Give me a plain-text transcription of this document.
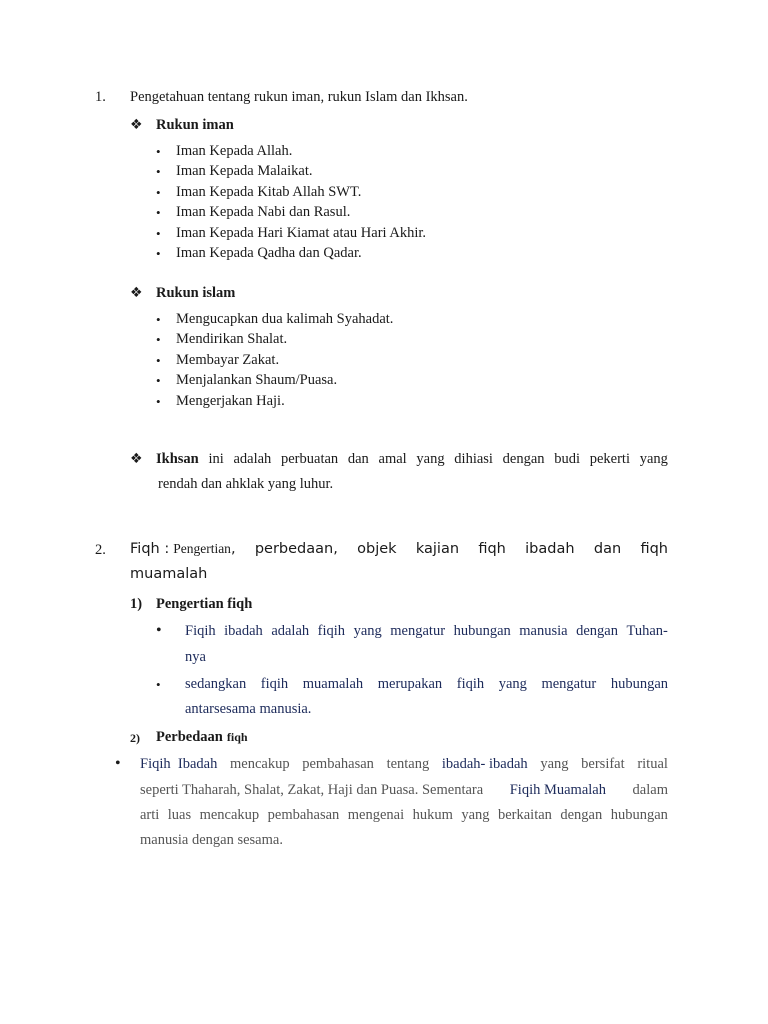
1. Pengetahuan tentang rukun iman, rukun Islam dan Ikhsan.
❖ Rukun iman
• Iman Kepada Allah.
• Iman Kepada Malaikat.
• Iman Kepada Kitab Allah SWT.
• Iman Kepada Nabi dan Rasul.
• Iman Kepada Hari Kiamat atau Hari Akhir.
• Iman Kepada Qadha dan Qadar.
❖ Rukun islam
• Mengucapkan dua kalimah Syahadat.
• Mendirikan Shalat.
• Membayar Zakat.
• Menjalankan Shaum/Puasa.
• Mengerjakan Haji.
❖ Ikhsan ini adalah perbuatan dan amal yang dihiasi dengan budi pekerti yang
rendah dan ahklak yang luhur.
2. Fiqh : Pengertian, perbedaan, objek kajian fiqh ibadah dan fiqh
muamalah
1) Pengertian fiqh
• Fiqih ibadah adalah fiqih yang mengatur hubungan manusia dengan Tuhan-
nya
• sedangkan fiqih muamalah merupakan fiqih yang mengatur hubungan
antarsesama manusia.
2) Perbedaan fiqh
• Fiqih  Ibadah mencakup pembahasan tentang ibadah- ibadah yang bersifat ritual
seperti Thaharah, Shalat, Zakat, Haji dan Puasa. Sementara Fiqih Muamalah dalam
arti luas mencakup pembahasan mengenai hukum yang berkaitan dengan hubungan
manusia dengan sesama.
